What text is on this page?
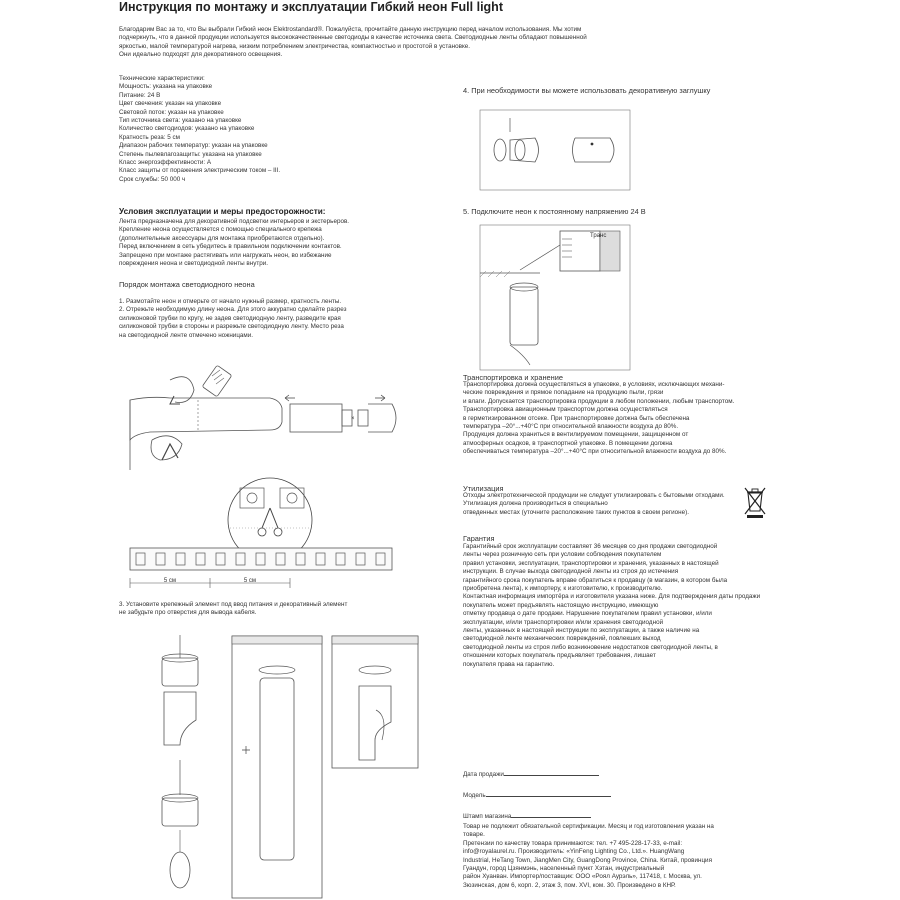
Инструкция по монтажу и эксплуатации Гибкий неон Full light
Благодарим Вас за то, что Вы выбрали Гибкий неон Elektrostandard®. Пожалуйста, прочитайте данную инструкцию перед началом использования. Мы хотим
подчеркнуть, что в данной продукции используется высококачественные светодиоды в качестве источника света. Светодиодные ленты обладают повышенной
яркостью, малой температурой нагрева, низким потреблением электричества, компактностью и простотой в установке.
Они идеально подходят для декоративного освещения.
Технические характеристики:
Мощность: указана на упаковке
Питание: 24 В
Цвет свечения: указан на упаковке
Световой поток: указан на упаковке
Тип источника света: указано на упаковке
Количество светодиодов: указано на упаковке
Кратность реза: 5 см
Диапазон рабочих температур: указан на упаковке
Степень пылевлагозащиты: указана на упаковке
Класс энергоэффективности: А
Класс защиты от поражения электрическим током – III.
Срок службы: 50 000 ч
Условия эксплуатации и меры предосторожности:
Лента предназначена для декоративной подсветки интерьеров и экстерьеров.
Крепление неона осуществляется с помощью специального крепежа
(дополнительные аксессуары для монтажа приобретаются отдельно).
Перед включением в сеть убедитесь в правильном подключении контактов.
Запрещено при монтаже растягивать или нагружать неон, во избежание
повреждения неона и светодиодной ленты внутри.
Порядок монтажа светодиодного неона
1. Размотайте неон и отмерьте от начало нужный размер, кратность ленты.
2. Отрежьте необходимую длину неона. Для этого аккуратно сделайте разрез
силиконовой трубки по кругу, не задев светодиодную ленту, разведите края
силиконовой трубки в стороны и разрежьте светодиодную ленту. Место реза
на светодиодной ленте отмечено ножницами.
×
5 см	5 см
3. Установите крепежный элемент под ввод питания и декоративный элемент
не забудьте про отверстия для вывода кабеля.
4. При необходимости вы можете использовать декоративную заглушку
5. Подключите неон к постоянному напряжению 24 В
Транс
Транспортировка и хранение
Транспортировка должна осуществляться в упаковке, в условиях, исключающих механи-
ческие повреждения и прямое попадание на продукцию пыли, грязи
и влаги. Допускается транспортировка продукции в любом положении, любым транспортом.
Транспортировка авиационным транспортом должна осуществляться
в герметизированном отсеке. При транспортировке должна быть обеспечена
температура –20°...+40°С при относительной влажности воздуха до 80%.
Продукция должна храниться в вентилируемом помещении, защищенном от
атмосферных осадков, в транспортной упаковке. В помещении должна
обеспечиваться температура –20°...+40°С при относительной влажности воздуха до 80%.
Утилизация
Отходы электротехнической продукции не следует утилизировать с бытовыми отходами.
Утилизация должна производиться в специально
отведенных местах (уточните расположение таких пунктов в своем регионе).
Гарантия
Гарантийный срок эксплуатации составляет 36 месяцев со дня продажи светодиодной
ленты через розничную сеть при условии соблюдения покупателем
правил установки, эксплуатации, транспортировки и хранения, указанных в настоящей
инструкции. В случае выхода светодиодной ленты из строя до истечения
гарантийного срока покупатель вправе обратиться к продавцу (в магазин, в котором была
приобретена лента), к импортеру, к изготовителю, к производителю.
Контактная информация импортёра и изготовителя указана ниже. Для подтверждения даты продажи
покупатель может предъявлять настоящую инструкцию, имеющую
отметку продавца о дате продажи. Нарушение покупателем правил установки, и/или
эксплуатации, и/или транспортировки и/или хранения светодиодной
ленты, указанных в настоящей инструкции по эксплуатации, а также наличие на
светодиодной ленте механических повреждений, повлекших выход
светодиодной ленты из строя либо возникновение недостатков светодиодной ленты, в
отношении которых покупатель предъявляет требования, лишает
покупателя права на гарантию.
Дата продажи
Модель
Штамп магазина
Товар не подлежит обязательной сертификации. Месяц и год изготовления указан на
товаре.
Претензии по качеству товара принимаются: тел. +7 495-228-17-33, e-mail:
info@royalaurel.ru. Производитель: «YinFeng Lighting Co., Ltd.». HuangWang
Industrial, HeTang Town, JiangMen City, GuangDong Province, China. Китай, провинция
Гуандун, город Цзянмэнь, населенный пункт Хэтан, индустриальный
район Хуанван. Импортер/поставщик: ООО «Роял Аурэль», 117418, г. Москва, ул.
Зюзинская, дом 6, корп. 2, этаж 3, пом. XVI, ком. 30. Произведено в КНР.
